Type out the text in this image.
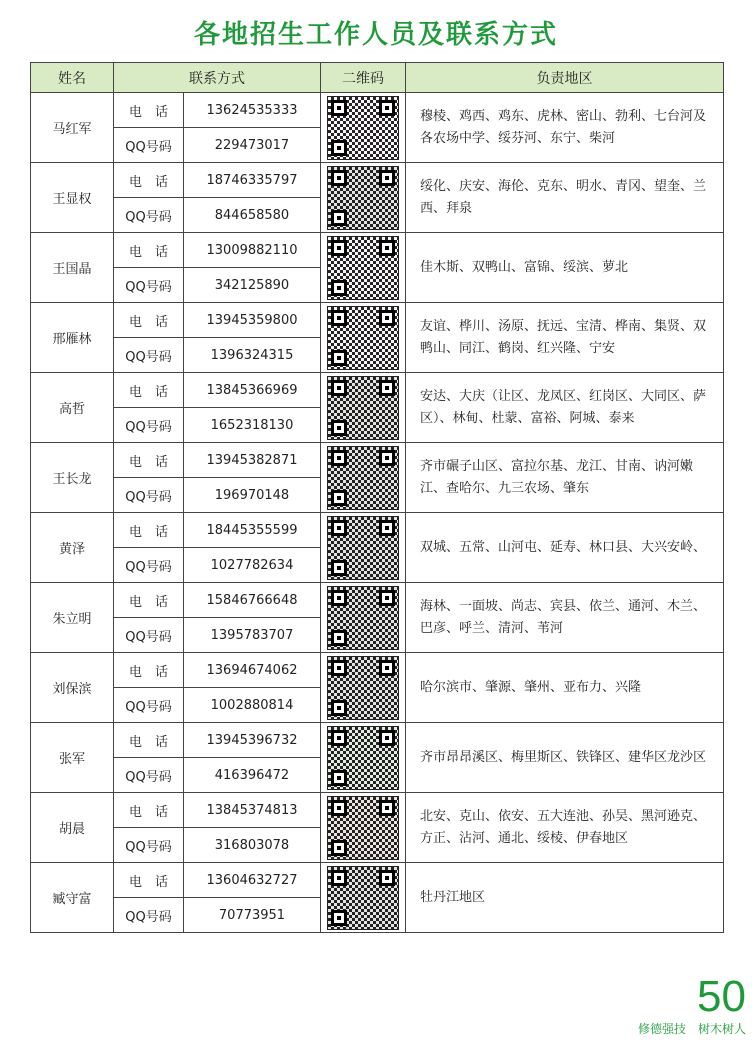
各地招生工作人员及联系方式
姓名	联系方式		二维码	负责地区
马红军	电　话	13624535333		穆棱、鸡西、鸡东、虎林、密山、勃利、七台河及各农场中学、绥芬河、东宁、柴河
	QQ号码	229473017		
王显权	电　话	18746335797		绥化、庆安、海伦、克东、明水、青冈、望奎、兰西、拜泉
	QQ号码	844658580		
王国晶	电　话	13009882110		佳木斯、双鸭山、富锦、绥滨、萝北
	QQ号码	342125890		
邢雁林	电　话	13945359800		友谊、桦川、汤原、抚远、宝清、桦南、集贤、双鸭山、同江、鹤岗、红兴隆、宁安
	QQ号码	1396324315		
高哲	电　话	13845366969		安达、大庆（让区、龙凤区、红岗区、大同区、萨区）、林甸、杜蒙、富裕、阿城、泰来
	QQ号码	1652318130		
王长龙	电　话	13945382871		齐市碾子山区、富拉尔基、龙江、甘南、讷河嫩江、查哈尔、九三农场、肇东
	QQ号码	196970148		
黄泽	电　话	18445355599		双城、五常、山河屯、延寿、林口县、大兴安岭、
	QQ号码	1027782634		
朱立明	电　话	15846766648		海林、一面坡、尚志、宾县、依兰、通河、木兰、巴彦、呼兰、清河、苇河
	QQ号码	1395783707		
刘保滨	电　话	13694674062		哈尔滨市、肇源、肇州、亚布力、兴隆
	QQ号码	1002880814		
张军	电　话	13945396732		齐市昂昂溪区、梅里斯区、铁锋区、建华区龙沙区
	QQ号码	416396472		
胡晨	电　话	13845374813		北安、克山、依安、五大连池、孙吴、黑河逊克、方正、沾河、通北、绥棱、伊春地区
	QQ号码	316803078		
臧守富	电　话	13604632727		牡丹江地区
	QQ号码	70773951		
50
修德强技　树木树人
